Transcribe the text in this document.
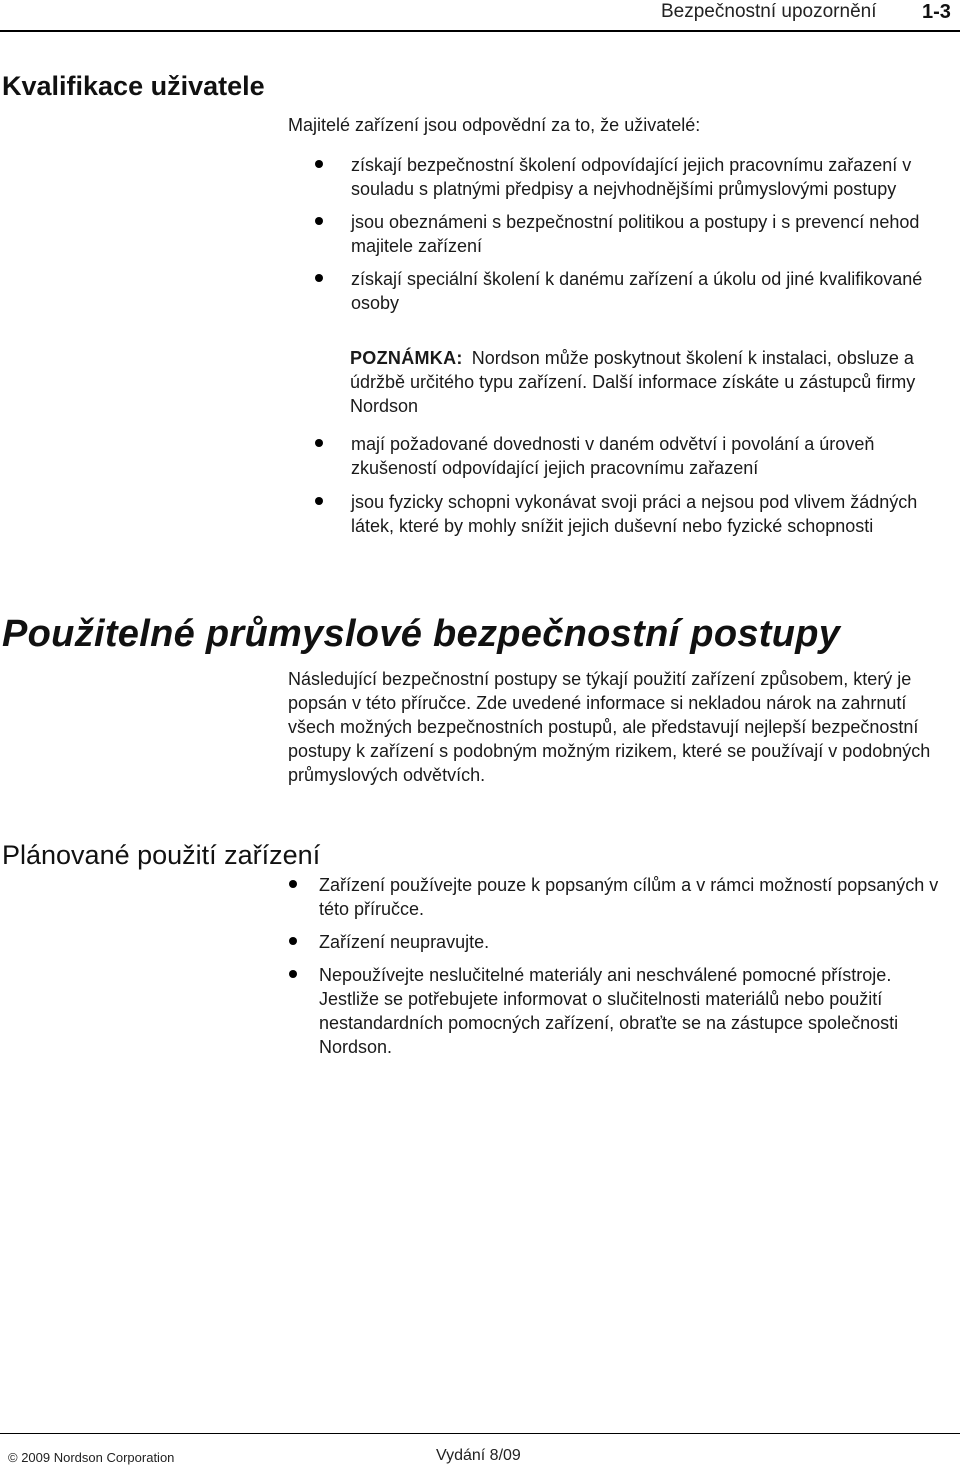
Bezpečnostní upozornění 1-3
Kvalifikace uživatele

Majitelé zařízení jsou odpovědní za to, že uživatelé:

získají bezpečnostní školení odpovídající jejich pracovnímu zařazení v souladu s platnými předpisy a nejvhodnějšími průmyslovými postupy
jsou obeznámeni s bezpečnostní politikou a postupy i s prevencí nehod majitele zařízení
získají speciální školení k danému zařízení a úkolu od jiné kvalifikované osoby
POZNÁMKA: Nordson může poskytnout školení k instalaci, obsluze a údržbě určitého typu zařízení. Další informace získáte u zástupců firmy Nordson
mají požadované dovednosti v daném odvětví i povolání a úroveň zkušeností odpovídající jejich pracovnímu zařazení
jsou fyzicky schopni vykonávat svoji práci a nejsou pod vlivem žádných látek, které by mohly snížit jejich duševní nebo fyzické schopnosti
Použitelné průmyslové bezpečnostní postupy

Následující bezpečnostní postupy se týkají použití zařízení způsobem, který je popsán v této příručce. Zde uvedené informace si nekladou nárok na zahrnutí všech možných bezpečnostních postupů, ale představují nejlepší bezpečnostní postupy k zařízení s podobným možným rizikem, které se používají v podobných průmyslových odvětvích.

Plánované použití zařízení
Zařízení používejte pouze k popsaným cílům a v rámci možností popsaných v této příručce.
Zařízení neupravujte.
Nepoužívejte neslučitelné materiály ani neschválené pomocné přístroje. Jestliže se potřebujete informovat o slučitelnosti materiálů nebo použití nestandardních pomocných zařízení, obraťte se na zástupce společnosti Nordson.
© 2009 Nordson Corporation	Vydání 8/09
